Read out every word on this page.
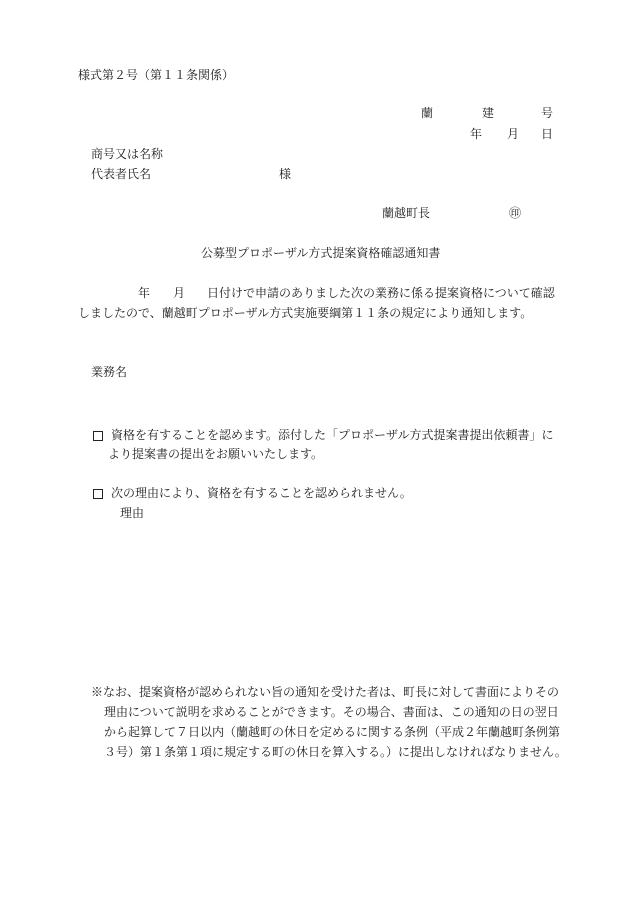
様式第２号（第１１条関係）
蘭	建	号
年 月 日
商号又は名称
代表者氏名	様
蘭越町長	㊞
公募型プロポーザル方式提案資格確認通知書
年 月 日付けで申請のありました次の業務に係る提案資格について確認
しましたので、蘭越町プロポーザル方式実施要綱第１１条の規定により通知します。
業務名
資格を有することを認めます。添付した「プロポーザル方式提案書提出依頼書」に
より提案書の提出をお願いいたします。
次の理由により、資格を有することを認められません。
理由
※なお、提案資格が認められない旨の通知を受けた者は、町長に対して書面によりその
理由について説明を求めることができます。その場合、書面は、この通知の日の翌日
から起算して７日以内（蘭越町の休日を定めるに関する条例（平成２年蘭越町条例第
３号）第１条第１項に規定する町の休日を算入する。）に提出しなければなりません。
